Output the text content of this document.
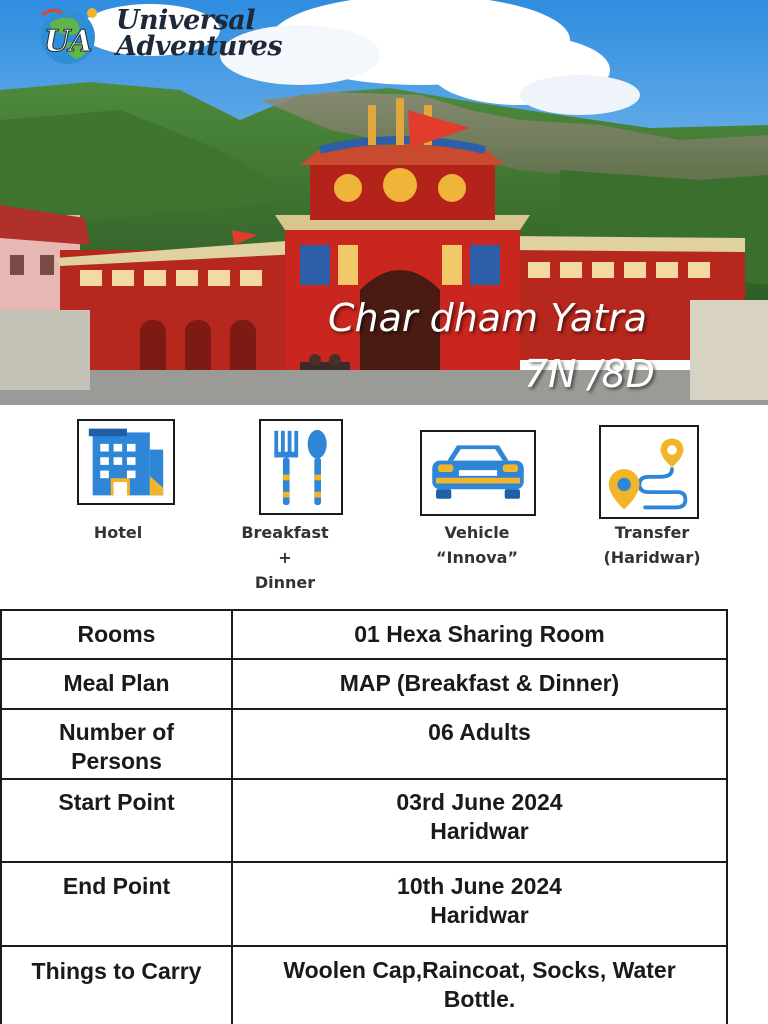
UA
Universal
Adventures
Char dham Yatra
7N /8D
Hotel	Breakfast
+
Dinner
Vehicle
“Innova”
Transfer
(Haridwar)
Rooms	01 Hexa Sharing Room
Meal Plan	MAP (Breakfast & Dinner)

Number of
Persons	06 Adults
Start Point	03rd June 2024
Haridwar

End Point	10th June 2024
Haridwar

Things to Carry	Woolen Cap,Raincoat, Socks, Water
Bottle.
